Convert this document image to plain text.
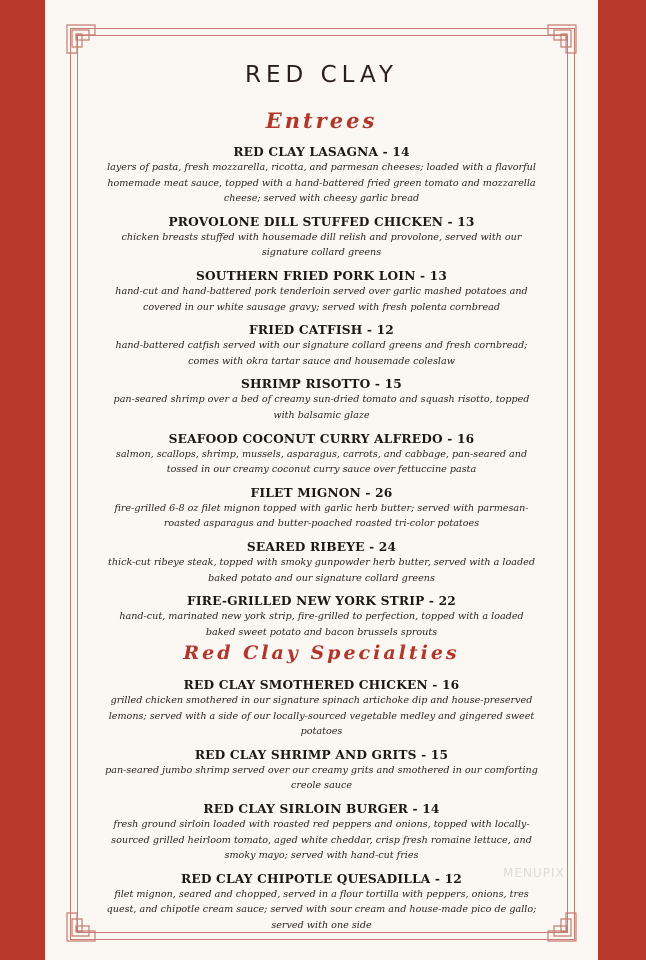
RED CLAY
Entrees
RED CLAY LASAGNA - 14
layers of pasta, fresh mozzarella, ricotta, and parmesan cheeses; loaded with a flavorful homemade meat sauce, topped with a hand-battered fried green tomato and mozzarella cheese; served with cheesy garlic bread
PROVOLONE DILL STUFFED CHICKEN - 13
chicken breasts stuffed with housemade dill relish and provolone, served with our signature collard greens
SOUTHERN FRIED PORK LOIN - 13
hand-cut and hand-battered pork tenderloin served over garlic mashed potatoes and covered in our white sausage gravy; served with fresh polenta cornbread
FRIED CATFISH - 12
hand-battered catfish served with our signature collard greens and fresh cornbread; comes with okra tartar sauce and housemade coleslaw
SHRIMP RISOTTO - 15
pan-seared shrimp over a bed of creamy sun-dried tomato and squash risotto, topped with balsamic glaze
SEAFOOD COCONUT CURRY ALFREDO - 16
salmon, scallops, shrimp, mussels, asparagus, carrots, and cabbage, pan-seared and tossed in our creamy coconut curry sauce over fettuccine pasta
FILET MIGNON - 26
fire-grilled 6-8 oz filet mignon topped with garlic herb butter; served with parmesan-roasted asparagus and butter-poached roasted tri-color potatoes
SEARED RIBEYE - 24
thick-cut ribeye steak, topped with smoky gunpowder herb butter, served with a loaded baked potato and our signature collard greens
FIRE-GRILLED NEW YORK STRIP - 22
hand-cut, marinated new york strip, fire-grilled to perfection, topped with a loaded baked sweet potato and bacon brussels sprouts
Red Clay Specialties
RED CLAY SMOTHERED CHICKEN - 16
grilled chicken smothered in our signature spinach artichoke dip and house-preserved lemons; served with a side of our locally-sourced vegetable medley and gingered sweet potatoes
RED CLAY SHRIMP AND GRITS - 15
pan-seared jumbo shrimp served over our creamy grits and smothered in our comforting creole sauce
RED CLAY SIRLOIN BURGER - 14
fresh ground sirloin loaded with roasted red peppers and onions, topped with locally-sourced grilled heirloom tomato, aged white cheddar, crisp fresh romaine lettuce, and smoky mayo; served with hand-cut fries
RED CLAY CHIPOTLE QUESADILLA - 12
filet mignon, seared and chopped, served in a flour tortilla with peppers, onions, tres quest, and chipotle cream sauce; served with sour cream and house-made pico de gallo; served with one side
MENUPIX
